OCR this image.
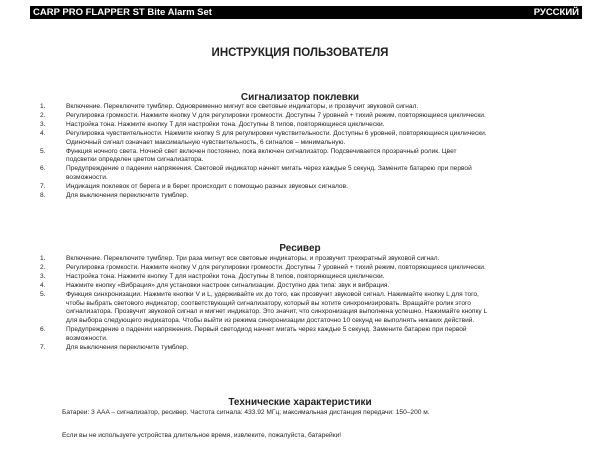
CARP PRO FLAPPER ST Bite Alarm Set	РУССКИЙ
ИНСТРУКЦИЯ ПОЛЬЗОВАТЕЛЯ
Сигнализатор поклевки
1.	Включение. Переключите тумблер. Одновременно мигнут все световые индикаторы, и прозвучит звуковой сигнал.
2.	Регулировка громкости. Нажмите кнопку V для регулировки громкости. Доступны 7 уровней + тихий режим, повторяющиеся циклически.
3.	Настройка тона. Нажмите кнопку T для настройки тона. Доступны 8 типов, повторяющиеся циклически.
4.	Регулировка чувствительности. Нажмите кнопку S для регулировки чувствительности. Доступны 6 уровней, повторяющиеся циклически.
Одиночный сигнал означает максимальную чувствительность, 6 сигналов – минимальную.
5.	Функция ночного света. Ночной свет включен постоянно, пока включен сигнализатор. Подсвечивается прозрачный ролик. Цвет
подсветки определен цветом сигнализатора.
6.	Предупреждение о падении напряжения. Световой индикатор начнет мигать через каждые 5 секунд. Замените батарею при первой
возможности.
7.	Индикация поклевок от берега и в берег происходит с помощью разных звуковых сигналов.
8.	Для выключения переключите тумблер.
Ресивер
1.	Включение. Переключите тумблер. Три раза мигнут все световые индикаторы, и прозвучит трехкратный звуковой сигнал.
2.	Регулировка громкости. Нажмите кнопку V для регулировки громкости. Доступны 7 уровней + тихий режим, повторяющиеся циклически.
3.	Настройка тона. Нажмите кнопку T для настройки тона. Доступны 8 типов, повторяющиеся циклически.
4.	Нажмите кнопку «Вибрация» для установки настроек сигнализации. Доступно два типа: звук и вибрация.
5.	Функция синхронизации. Нажмите кнопки V и L, удерживайте их до того, как прозвучит звуковой сигнал. Нажимайте кнопку L для того,
чтобы выбрать светового индикатор, соответствующий сигнализатору, который вы хотите синхронизировать. Вращайте ролик этого
сигнализатора. Прозвучит звуковой сигнал и мигнет индикатор. Это значит, что синхронизация выполнена успешно. Нажимайте кнопку L
для выбора следующего индикатора. Чтобы выйти из режима синхронизации достаточно 10 секунд не выполнять никаких действий.
6.	Предупреждение о падении напряжения. Первый светодиод начнет мигать через каждые 5 секунд. Замените батарею при первой
возможности.
7.	Для выключения переключите тумблер.
Технические характеристики
Батареи: 3 AAA – сигнализатор, ресивер. Частота сигнала: 433.92 МГц; максимальная дистанция передачи: 150–200 м.
Если вы не используете устройства длительное время, извлеките, пожалуйста, батарейки!
